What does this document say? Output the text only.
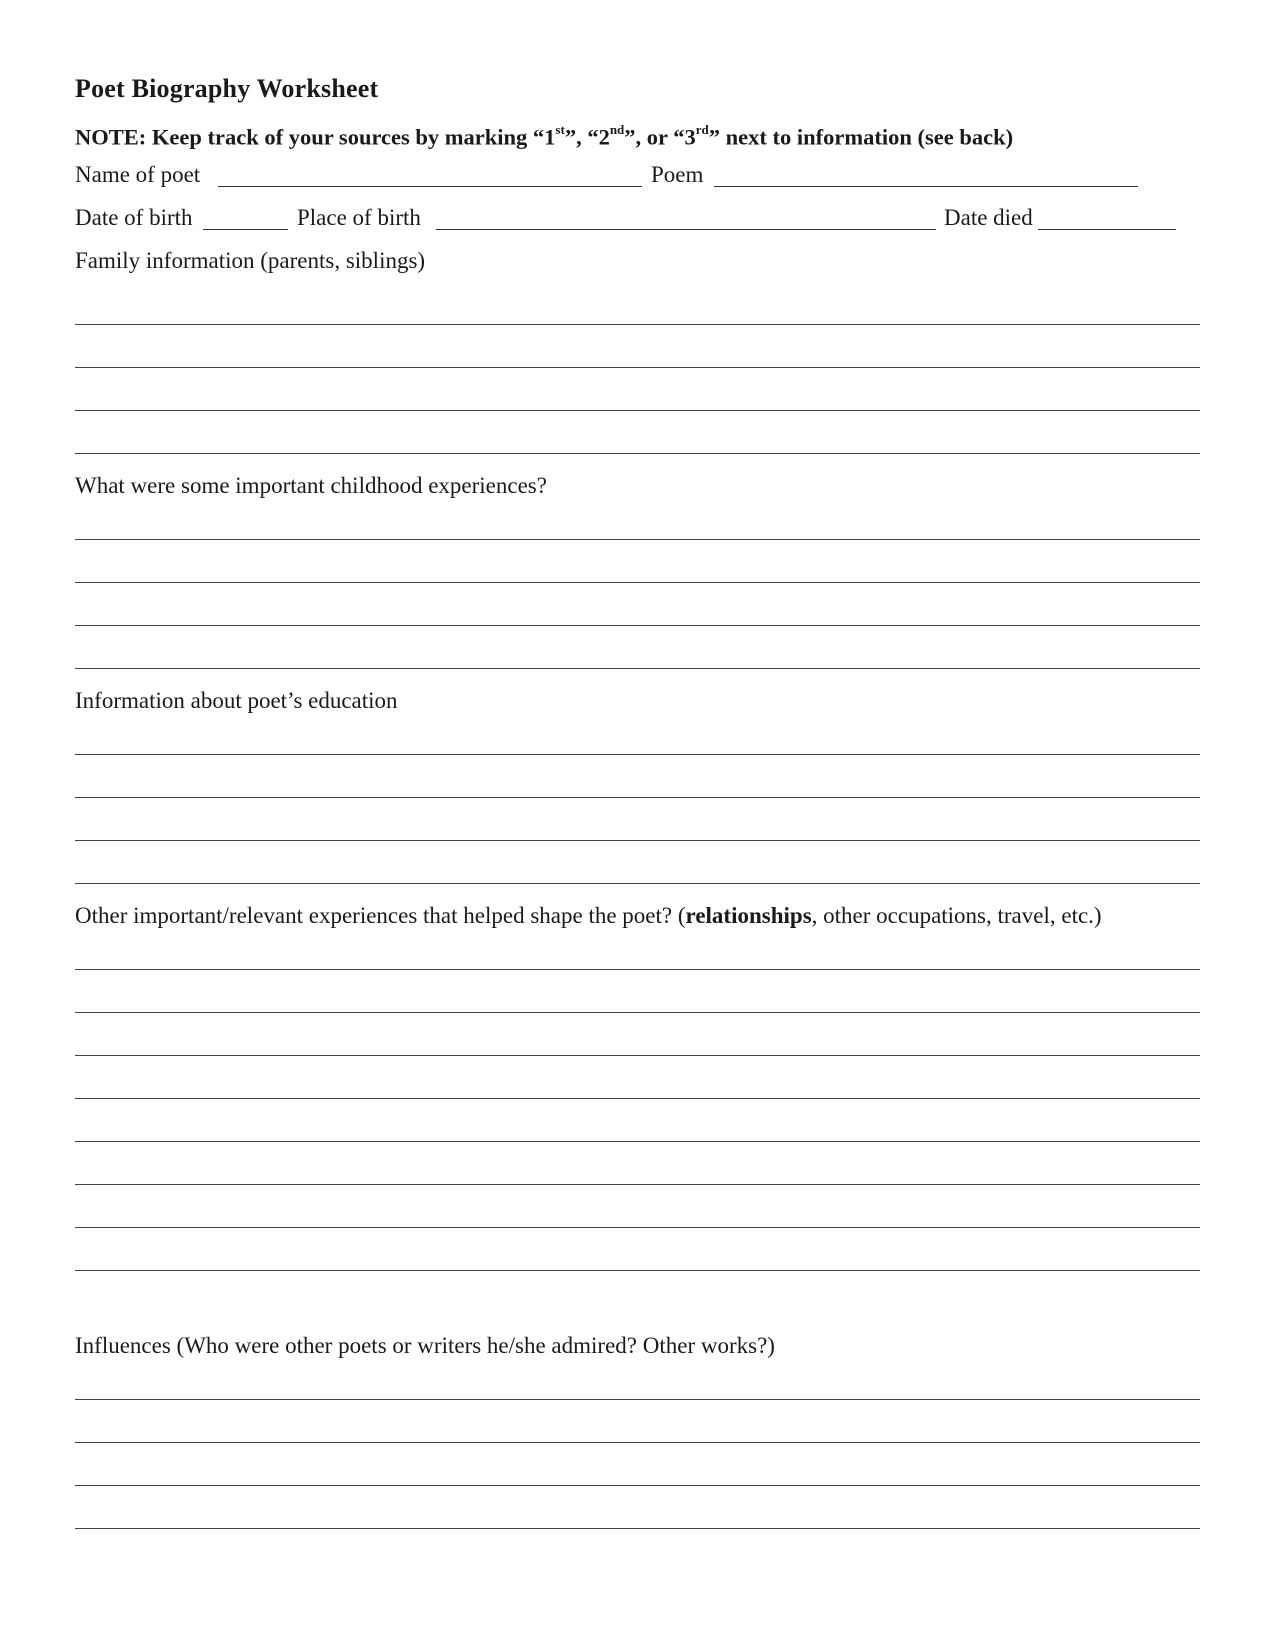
Poet Biography Worksheet
NOTE: Keep track of your sources by marking “1st”, “2nd”, or “3rd” next to information (see back)
Name of poet	Poem
Date of birth	Place of birth	Date died
Family information (parents, siblings)
What were some important childhood experiences?
Information about poet’s education
Other important/relevant experiences that helped shape the poet? (relationships, other occupations, travel, etc.)
Influences (Who were other poets or writers he/she admired? Other works?)
